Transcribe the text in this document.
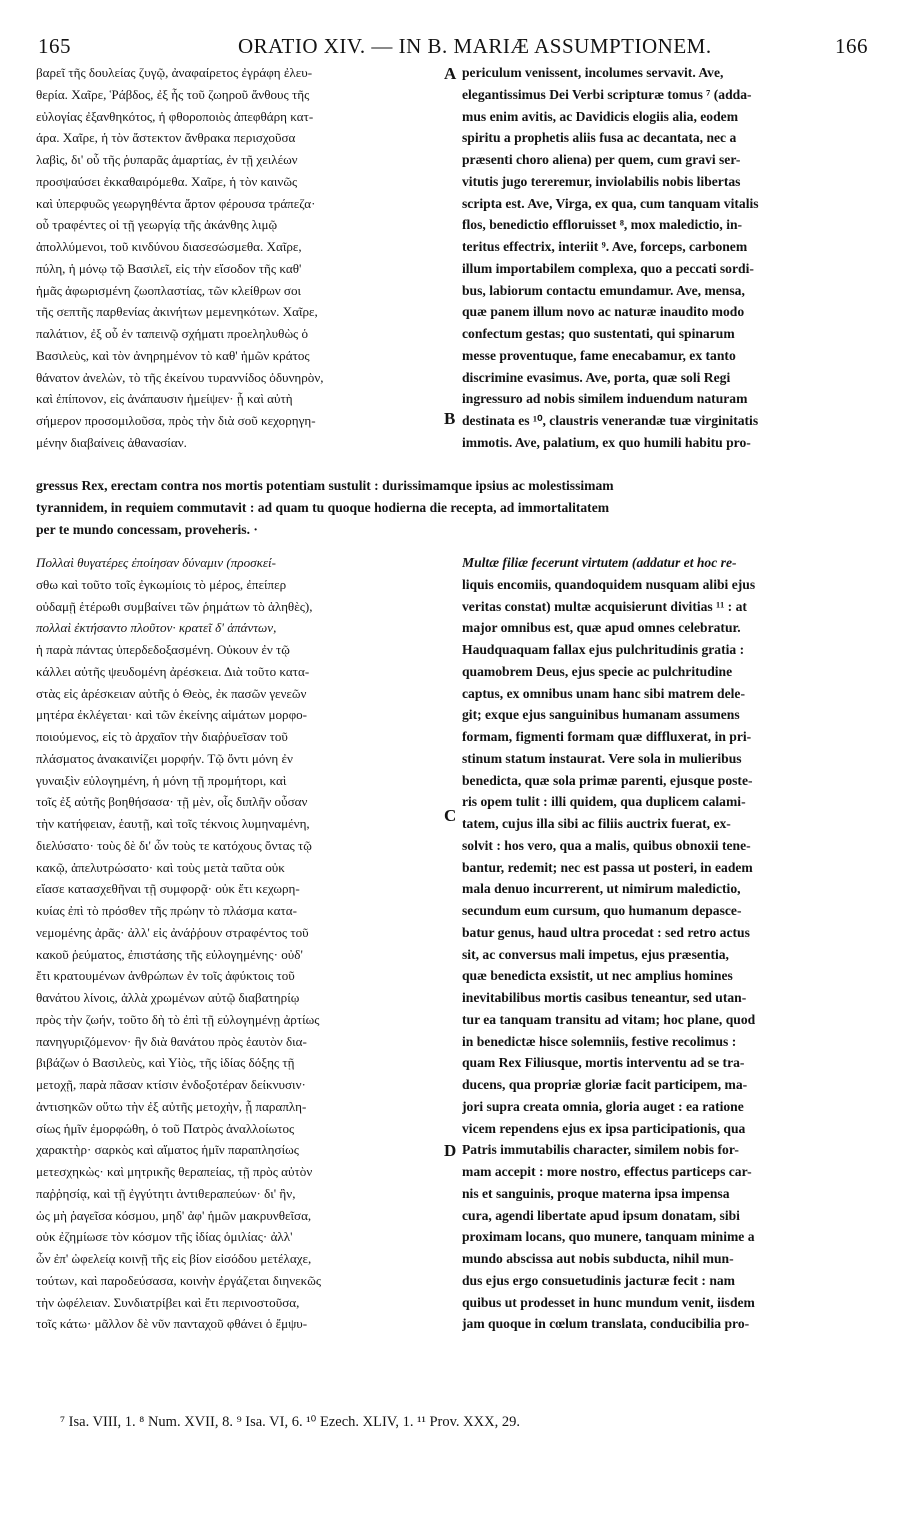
165	ORATIO XIV. — IN B. MARIÆ ASSUMPTIONEM.	166
βαρεῖ τῆς δουλείας ζυγῷ, ἀναφαίρετος ἐγράφη ἐλευ-
θερία. Χαῖρε, Ῥάβδος, ἐξ ἧς τοῦ ζωηροῦ ἄνθους τῆς
εὐλογίας ἐξανθηκότος, ἡ φθοροποιὸς ἀπεφθάρη κατ-
άρα. Χαῖρε, ἡ τὸν ἄστεκτον ἄνθρακα περισχοῦσα
λαβὶς, δι' οὗ τῆς ῥυπαρᾶς ἁμαρτίας, ἐν τῇ χειλέων
προσψαύσει ἐκκαθαιρόμεθα. Χαῖρε, ἡ τὸν καινῶς
καὶ ὑπερφυῶς γεωργηθέντα ἄρτον φέρουσα τράπεζα·
οὗ τραφέντες οἱ τῇ γεωργίᾳ τῆς ἀκάνθης λιμῷ
ἀπολλύμενοι, τοῦ κινδύνου διασεσώσμεθα. Χαῖρε,
πύλη, ἡ μόνῳ τῷ Βασιλεῖ, εἰς τὴν εἴσοδον τῆς καθ'
ἡμᾶς ἀφωρισμένη ζωοπλαστίας, τῶν κλείθρων σοι
τῆς σεπτῆς παρθενίας ἀκινήτων μεμενηκότων. Χαῖρε,
παλάτιον, ἐξ οὗ ἐν ταπεινῷ σχήματι προεληλυθὼς ὁ
Βασιλεὺς, καὶ τὸν ἀνηρημένον τὸ καθ' ἡμῶν κράτος
θάνατον ἀνελὼν, τὸ τῆς ἐκείνου τυραννίδος ὀδυνηρὸν,
καὶ ἐπίπονον, εἰς ἀνάπαυσιν ἠμείψεν· ᾗ καὶ αὐτὴ
σήμερον προσομιλοῦσα, πρὸς τὴν διὰ σοῦ κεχορηγη-
μένην διαβαίνεις ἀθανασίαν.
periculum venissent, incolumes servavit. Ave,
elegantissimus Dei Verbi scripturæ tomus ⁷ (adda-
mus enim avitis, ac Davidicis elogiis alia, eodem
spiritu a prophetis aliis fusa ac decantata, nec a
præsenti choro aliena) per quem, cum gravi ser-
vitutis jugo tereremur, inviolabilis nobis libertas
scripta est. Ave, Virga, ex qua, cum tanquam vitalis
flos, benedictio effloruisset ⁸, mox maledictio, in-
teritus effectrix, interiit ⁹. Ave, forceps, carbonem
illum importabilem complexa, quo a peccati sordi-
bus, labiorum contactu emundamur. Ave, mensa,
quæ panem illum novo ac naturæ inaudito modo
confectum gestas; quo sustentati, qui spinarum
messe proventuque, fame enecabamur, ex tanto
discrimine evasimus. Ave, porta, quæ soli Regi
ingressuro ad nobis similem induendum naturam
destinata es ¹⁰, claustris venerandæ tuæ virginitatis
immotis. Ave, palatium, ex quo humili habitu pro-
gressus Rex, erectam contra nos mortis potentiam sustulit : durissimamque ipsius ac molestissimam
tyrannidem, in requiem commutavit : ad quam tu quoque hodierna die recepta, ad immortalitatem
per te mundo concessam, proveheris. ·
Πολλαὶ θυγατέρες ἐποίησαν δύναμιν (προσκεί-
σθω καὶ τοῦτο τοῖς ἐγκωμίοις τὸ μέρος, ἐπείπερ
οὐδαμῇ ἑτέρωθι συμβαίνει τῶν ῥημάτων τὸ ἀληθὲς),
πολλαὶ ἐκτήσαντο πλοῦτον· κρατεῖ δ' ἁπάντων,
ἡ παρὰ πάντας ὑπερδεδοξασμένη. Οὐκουν ἐν τῷ
κάλλει αὐτῆς ψευδομένη ἀρέσκεια. Διὰ τοῦτο κατα-
στὰς εἰς ἀρέσκειαν αὐτῆς ὁ Θεὸς, ἐκ πασῶν γενεῶν
μητέρα ἐκλέγεται· καὶ τῶν ἐκείνης αἱμάτων μορφο-
ποιούμενος, εἰς τὸ ἀρχαῖον τὴν διαῤῥυεῖσαν τοῦ
πλάσματος ἀνακαινίζει μορφήν. Τῷ ὄντι μόνη ἐν
γυναιξὶν εὐλογημένη, ἡ μόνη τῇ προμήτορι, καὶ
τοῖς ἐξ αὐτῆς βοηθήσασα· τῇ μὲν, οἷς διπλῆν οὖσαν
τὴν κατήφειαν, ἑαυτῇ, καὶ τοῖς τέκνοις λυμηναμένη,
διελύσατο· τοὺς δὲ δι' ὧν τοὺς τε κατόχους ὄντας τῷ
κακῷ, ἀπελυτρώσατο· καὶ τοὺς μετὰ ταῦτα οὐκ
εἴασε κατασχεθῆναι τῇ συμφορᾷ· οὐκ ἔτι κεχωρη-
κυίας ἐπὶ τὸ πρόσθεν τῆς πρώην τὸ πλάσμα κατα-
νεμομένης ἀρᾶς· ἀλλ' εἰς ἀνάῤῥουν στραφέντος τοῦ
κακοῦ ῥεύματος, ἐπιστάσης τῆς εὐλογημένης· οὐδ'
ἔτι κρατουμένων ἀνθρώπων ἐν τοῖς ἀφύκτοις τοῦ
θανάτου λίνοις, ἀλλὰ χρωμένων αὐτῷ διαβατηρίῳ
πρὸς τὴν ζωήν, τοῦτο δὴ τὸ ἐπὶ τῇ εὐλογημένῃ ἀρτίως
πανηγυριζόμενον· ἣν διὰ θανάτου πρὸς ἑαυτὸν δια-
βιβάζων ὁ Βασιλεὺς, καὶ Υἱὸς, τῆς ἰδίας δόξης τῇ
μετοχῇ, παρὰ πᾶσαν κτίσιν ἐνδοξοτέραν δείκνυσιν·
ἀντισηκῶν οὕτω τὴν ἐξ αὐτῆς μετοχὴν, ᾗ παραπλη-
σίως ἡμῖν ἐμορφώθη, ὁ τοῦ Πατρὸς ἀναλλοίωτος
χαρακτὴρ· σαρκὸς καὶ αἵματος ἡμῖν παραπλησίως
μετεσχηκὼς· καὶ μητρικῆς θεραπείας, τῇ πρὸς αὐτὸν
παῤῥησίᾳ, καὶ τῇ ἐγγύτητι ἀντιθεραπεύων· δι' ἣν,
ὡς μὴ ῥαγεῖσα κόσμου, μηδ' ἀφ' ἡμῶν μακρυνθεῖσα,
οὐκ ἐζημίωσε τὸν κόσμον τῆς ἰδίας ὁμιλίας· ἀλλ'
ὧν ἐπ' ὠφελείᾳ κοινῇ τῆς εἰς βίον εἰσόδου μετέλαχε,
τούτων, καὶ παροδεύσασα, κοινὴν ἐργάζεται διηνεκῶς
τὴν ὠφέλειαν. Συνδιατρίβει καὶ ἔτι περινοστοῦσα,
τοῖς κάτω· μᾶλλον δὲ νῦν πανταχοῦ φθάνει ὁ ἔμψυ-
Multæ filiæ fecerunt virtutem (addatur et hoc re-
liquis encomiis, quandoquidem nusquam alibi ejus
veritas constat) multæ acquisierunt divitias ¹¹ : at
major omnibus est, quæ apud omnes celebratur.
Haudquaquam fallax ejus pulchritudinis gratia :
quamobrem Deus, ejus specie ac pulchritudine
captus, ex omnibus unam hanc sibi matrem dele-
git; exque ejus sanguinibus humanam assumens
formam, figmenti formam quæ diffluxerat, in pri-
stinum statum instaurat. Vere sola in mulieribus
benedicta, quæ sola primæ parenti, ejusque poste-
ris opem tulit : illi quidem, qua duplicem calami-
tatem, cujus illa sibi ac filiis auctrix fuerat, ex-
solvit : hos vero, qua a malis, quibus obnoxii tene-
bantur, redemit; nec est passa ut posteri, in eadem
mala denuo incurrerent, ut nimirum maledictio,
secundum eum cursum, quo humanum depasce-
batur genus, haud ultra procedat : sed retro actus
sit, ac conversus mali impetus, ejus præsentia,
quæ benedicta exsistit, ut nec amplius homines
inevitabilibus mortis casibus teneantur, sed utan-
tur ea tanquam transitu ad vitam; hoc plane, quod
in benedictæ hisce solemniis, festive recolimus :
quam Rex Filiusque, mortis interventu ad se tra-
ducens, qua propriæ gloriæ facit participem, ma-
jori supra creata omnia, gloria auget : ea ratione
vicem rependens ejus ex ipsa participationis, qua
Patris immutabilis character, similem nobis for-
mam accepit : more nostro, effectus particeps car-
nis et sanguinis, proque materna ipsa impensa
cura, agendi libertate apud ipsum donatam, sibi
proximam locans, quo munere, tanquam minime a
mundo abscissa aut nobis subducta, nihil mun-
dus ejus ergo consuetudinis jacturæ fecit : nam
quibus ut prodesset in hunc mundum venit, iisdem
jam quoque in cœlum translata, conducibilia pro-
A
B
C
D
⁷ Isa. VIII, 1. ⁸ Num. XVII, 8. ⁹ Isa. VI, 6. ¹⁰ Ezech. XLIV, 1. ¹¹ Prov. XXX, 29.
